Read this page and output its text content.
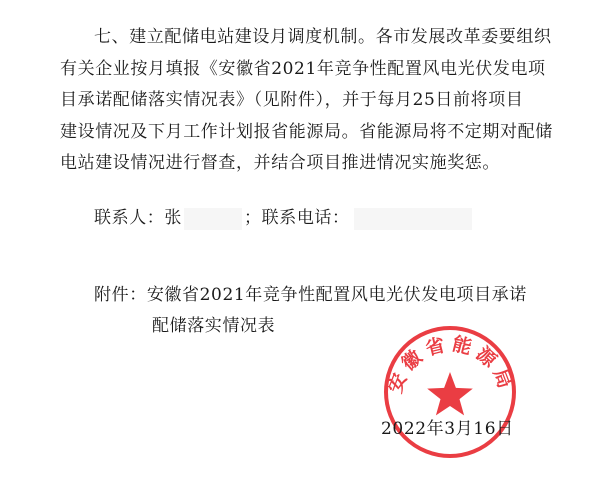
七、建立配储电站建设月调度机制。各市发展改革委要组织

有关企业按月填报《安徽省2021年竞争性配置风电光伏发电项

目承诺配储落实情况表》（见附件），并于每月25日前将项目

建设情况及下月工作计划报省能源局。省能源局将不定期对配储

电站建设情况进行督查，并结合项目推进情况实施奖惩。

联系人：张	；联系电话：
附件：安徽省2021年竞争性配置风电光伏发电项目承诺
配储落实情况表
安徽省能源局
2022年3月16日
